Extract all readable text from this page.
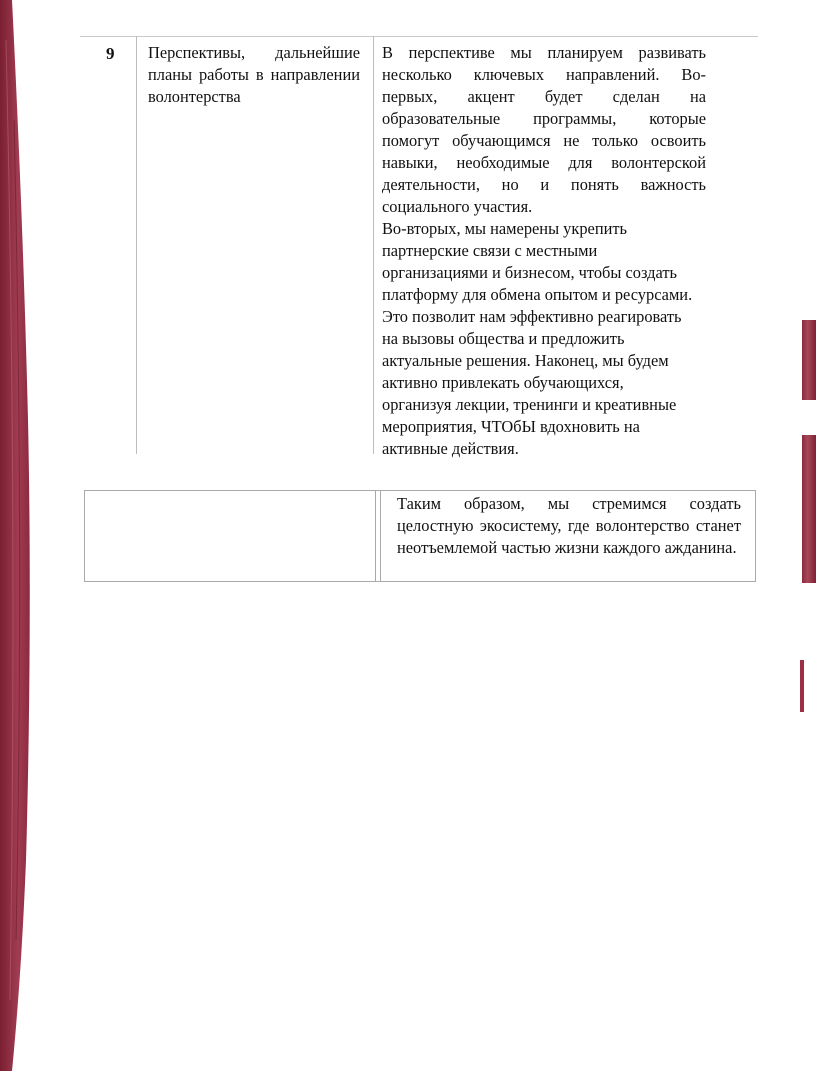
9 Перспективы, дальнейшие планы работы в направлении волонтерства

В перспективе мы планируем развивать несколько ключевых направлений. Во-первых, акцент будет сделан на образовательные программы, которые помогут обучающимся не только освоить навыки, необходимые для волонтерской деятельности, но и понять важность социального участия.

Во-вторых, мы намерены укрепить
партнерские связи с местными
организациями и бизнесом, чтобы создать
платформу для обмена опытом и ресурсами.
Это позволит нам эффективно реагировать
на вызовы общества и предложить
актуальные решения. Наконец, мы будем
активно привлекать обучающихся,
организуя лекции, тренинги и креативные
мероприятия, ЧТОбЫ вдохновить на
активные действия.
Таким образом, мы стремимся создать целостную экосистему, где волонтерство станет неотъемлемой частью жизни каждого ажданина.
